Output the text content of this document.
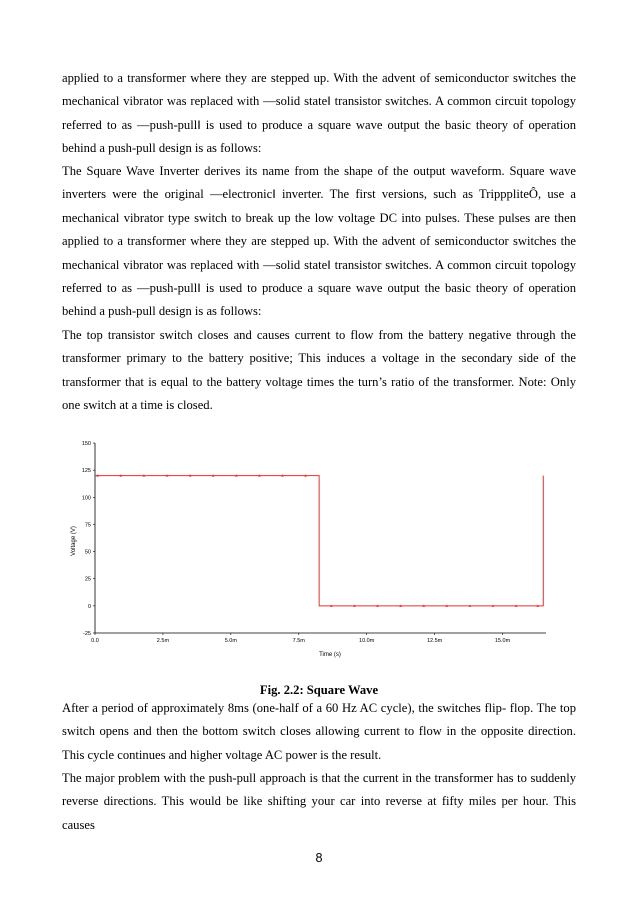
applied to a transformer where they are stepped up. With the advent of semiconductor switches the mechanical vibrator was replaced with ―solid state‖ transistor switches. A common circuit topology referred to as ―push-pull‖ is used to produce a square wave output the basic theory of operation behind a push-pull design is as follows:

The Square Wave Inverter derives its name from the shape of the output waveform. Square wave inverters were the original ―electronic‖ inverter. The first versions, such as TripppliteÔ, use a mechanical vibrator type switch to break up the low voltage DC into pulses. These pulses are then applied to a transformer where they are stepped up. With the advent of semiconductor switches the mechanical vibrator was replaced with ―solid state‖ transistor switches. A common circuit topology referred to as ―push-pull‖ is used to produce a square wave output the basic theory of operation behind a push-pull design is as follows:

The top transistor switch closes and causes current to flow from the battery negative through the transformer primary to the battery positive; This induces a voltage in the secondary side of the transformer that is equal to the battery voltage times the turn’s ratio of the transformer. Note: Only one switch at a time is closed.

-25
0
25
50
75
100
125
150
0.0	2.5m	5.0m	7.5m	10.0m	12.5m	15.0m
Time (s)
Voltage (V)
Fig. 2.2: Square Wave

After a period of approximately 8ms (one-half of a 60 Hz AC cycle), the switches flip- flop. The top switch opens and then the bottom switch closes allowing current to flow in the opposite direction. This cycle continues and higher voltage AC power is the result.

The major problem with the push-pull approach is that the current in the transformer has to suddenly reverse directions. This would be like shifting your car into reverse at fifty miles per hour. This causes

8
